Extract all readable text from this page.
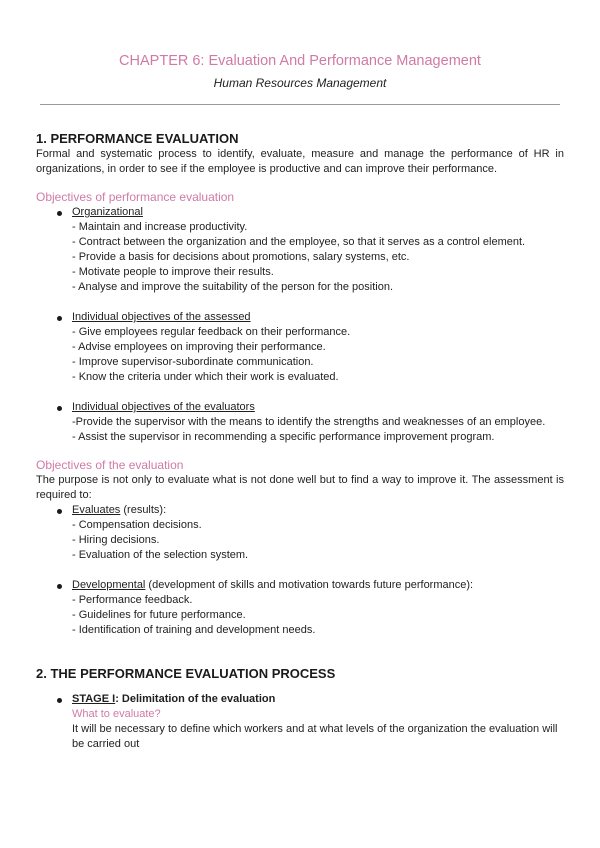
CHAPTER 6: Evaluation And Performance Management
Human Resources Management
1. PERFORMANCE EVALUATION

Formal and systematic process to identify, evaluate, measure and manage the performance of HR in organizations, in order to see if the employee is productive and can improve their performance.

Objectives of performance evaluation
Organizational
- Maintain and increase productivity.
- Contract between the organization and the employee, so that it serves as a control element.
- Provide a basis for decisions about promotions, salary systems, etc.
- Motivate people to improve their results.
- Analyse and improve the suitability of the person for the position.
Individual objectives of the assessed
- Give employees regular feedback on their performance.
- Advise employees on improving their performance.
- Improve supervisor-subordinate communication.
- Know the criteria under which their work is evaluated.
Individual objectives of the evaluators
-Provide the supervisor with the means to identify the strengths and weaknesses of an employee.
- Assist the supervisor in recommending a specific performance improvement program.
Objectives of the evaluation

The purpose is not only to evaluate what is not done well but to find a way to improve it. The assessment is required to:

Evaluates (results):
- Compensation decisions.
- Hiring decisions.
- Evaluation of the selection system.
Developmental (development of skills and motivation towards future performance):
- Performance feedback.
- Guidelines for future performance.
- Identification of training and development needs.
2. THE PERFORMANCE EVALUATION PROCESS
STAGE I: Delimitation of the evaluation
What to evaluate?
It will be necessary to define which workers and at what levels of the organization the evaluation will be carried out
